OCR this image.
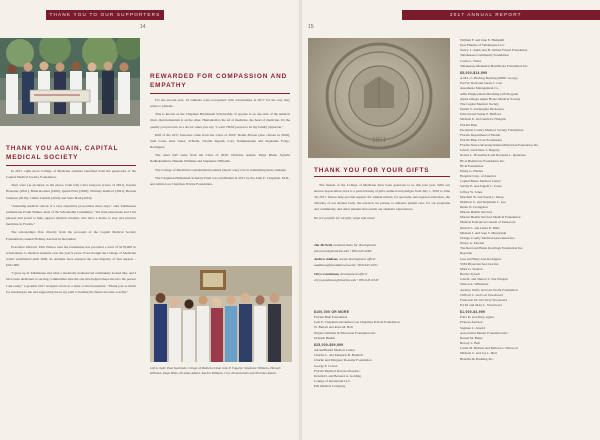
THANK YOU TO OUR SUPPORTERS
14
THANK YOU AGAIN, CAPITAL MEDICAL SOCIETY

In 2017, eight more College of Medicine students benefited from the generosity of the Capital Medical Society Foundation.

They were (as pictured, in the photo, from left) Ciara Grayson (Class of 2021), Kaylee Hostetter (2021), Brian Rosales (2020), Quinn Frier (2020), Whitney Radford (2021), Brenna Jameson (2019), Caitlin Lamble (2019) and Saira Badi (2019).

"Attending medical school is a very expensive proposition these days," said Tallahassee pediatrician Frank Walker, head of the Scholarship Committee. "We fund physicians and I am pleased and proud to help support medical students who have a desire to stay and practice medicine in Florida."

The scholarships flow directly from the proceeds of the Capital Medical Society Foundation's annual Holiday Auction in December.

Executive Director Pam Wilson said the foundation has provided a total of $170,000 in scholarships to medical students over the past 9 years. Even though the College of Medicine wasn't established until 2000, its students have enjoyed the vast majority of that support - $161,000.

"I grew up in Tallahassee and what a medically underserved community looked like, and I have been dedicated to serving communities like the one that helped shape me into the person I am today," a grateful 2017 recipient wrote in a letter to the foundation. "Thank you so much for investing in me and supporting me in my path to healing the future become a reality."

REWARDED FOR COMPASSION AND EMPATHY

For the second year, 10 students were recognized with scholarships in 2017 for the way they relate to patients.

This is known as the Chapman Humanism Scholarship. If anyone is on one side of the medical chart, then humanism is on the other. Humanism is the art of medicine, the heart of medicine. It's the quality you perceive in a doctor when you say, "I want THAT person to be my family physician."

Half of the 2017 honorees came from the Class of 2019: Shalin Bowen (also chosen in 2016), Sam Cook, Alex Jones, Ja'Nelle, Charlie Ingram, Cory Nommensohn and Stephanie Foley-Rodriguez.

The other half came from the Class of 2020: Nicholas Adams, Paige Blum, Sydelle Radhakrishnan, Hannah Williams and Stephanie Williams.

The College of Medicine's standardized patients played a key role in nominating these students.

The Chapman Humanism Scholars Fund was established in 2015 by the John E. Chapman, M.D., and Amira Lou Chapman Private Foundation.

Left to right: Paul Kaminski, College of Medicine Dean John P. Fogarty; Stephanie Williams, Hannah Williams, Paige Blum, Nicholas Adams, Karina Williams, Cory Nommensohn and Nicholas Adams.
2017 ANNUAL REPORT
15
1851
THANK YOU FOR YOUR GIFTS

The friends of the College of Medicine have been generous to us this past year. With our sincere appreciation, here is a partial listing of gifts realized and pledges from July 1, 2016 to June 30, 2017. Donor help provide support for student tuition, for specialty and regional education, the diversity of our student body, the research we pursue, to enhance patient care, for our programs and community, and other pursuits that enrich our students' experiences.

We are grateful for all gifts, large and small.

Jim McNeill, assistant dean for development
jim.mcneill@med.fsu.edu • 850-645-9289

Andrew Addison, senior development officer
aaddison@foundation.fsu.edu • 850-645-9251

Chrys Goodsman, development officer
chrys.goodsman@med.fsu.edu • 850-645-9343

$100,000 OR MORE
Florida Blue Foundation
Jack E. Chapman and Amira Lou Chapman Private Foundation
W. Barrett and Rosa M. Hall
Naples Children & Education Foundation Inc.
Orlando Health
$25,000-$99,999
AdventHealth Medical Center
Charles L. and Margaret B. Bunnell
Charlie and Margaret Roessler Foundation
George F. Colton
Florida Medical Practice Plan Inc.
Kristin D. and Bernard A. Golding
Lounge of Restaurant LLC
Pell Medical Company
William F. and Jane E. Hemphill
Epic Pharma of Tallahassee LLC
Nancy L. Keith and H. Gilbert Friend Foundation
Tallahassee Community Foundation
Carrie L. Weiss
Tallahassee Memorial HealthCare Foundation Inc.
$5,000-$24,999
A.M.L.C. Hedwig Dearing (MMC Group)
Earl W. Raid and Sarah J. Cola
Anesthesia Management Co.
ABG Employment Matching Gift Program
Alpha Omega Alpha Honor Medical Society
The Capital Medical Society
Daniel V. and Regina Dickerson
Edward and Susan E. Hufford
Michael E. and Linda D. Hodgins
Florida Blue
Escambia County Medical Society Foundation
Florida Department of Health
Florida Blue Cross Foundation
Florida State University Retired Physician Federation Inc.
John F. and Diane T. Hagarty
Robert L. Hosselbach and Roxanna L. Quinones
HCA Healthcare Foundation Inc.
HCR Foundation
Emily G. Hardin
Hospital Corp. of America
Capital Better Medical Center
Steven E. and Angela C. Jones
Jeffrey W. Jones
Marshall W. and Susan C. Knap
Matthew C. and Stephanie L. Lee
Helen N. Livingston
Marion Health Services
Marion Health Services Medical Foundation
Medical Education Council of Pensacola
Darrell L. and Linda R. Mize
Michael J. and Joan S. Muszynski
Orange County Medical Association Inc.
Nancy G. Paschal
The Reid and Helen Rawlings Foundation Inc.
Rayonier
Jose and Betty Ann Rodriguez
SSM Physician Services Inc.
Mark G. Stanton
Harriet Tyrrell
John R. and Sharon V. Van Wingen
Sharon A. Wilkinson
Andrew Wolfe and Lisa Wolfe Foundation
Clifford C. and Lori Woodward
Frederick M. and Terry Woodward
Ed M. and Mary L. Woodward
$1,000-$4,999
Felix R. and Mary Agner
Frances Alexson
Stephen L. Arnold
Association Dinner Foundation Inc.
Russel M. Baker
Barcay L. Bell
Leslie M. Beitsch and Barbara J. Witwood
Michael C. and Joy L. Bell
Benefits & Planning Inc.
